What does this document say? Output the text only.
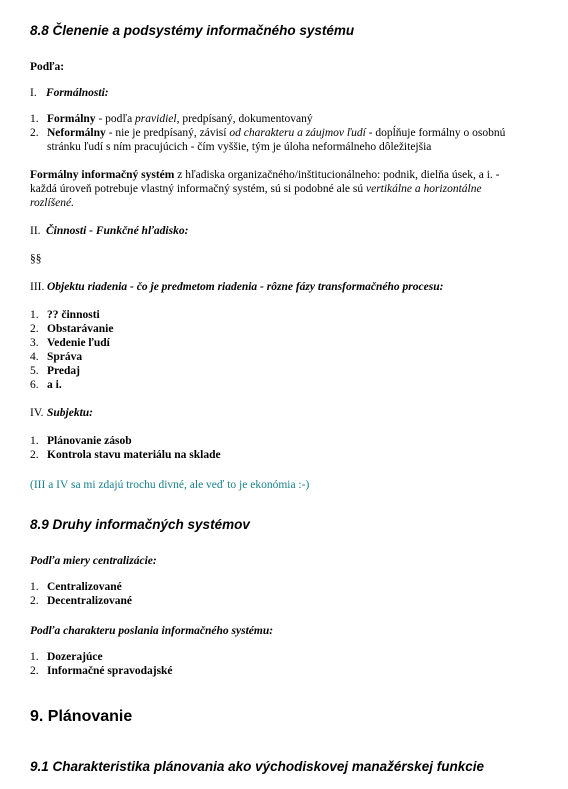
8.8 Členenie a podsystémy informačného systému
Podľa:
I. Formálnosti:
1. Formálny - podľa pravidiel, predpísaný, dokumentovaný
2. Neformálny - nie je predpísaný, závisí od charakteru a záujmov ľudí - dopĺňuje formálny o osobnú
stránku ľudí s ním pracujúcich - čím vyššie, tým je úloha neformálneho dôležitejšia
Formálny informačný systém z hľadiska organizačného/inštitucionálneho: podnik, dielňa úsek, a i. -
každá úroveň potrebuje vlastný informačný systém, sú si podobné ale sú vertikálne a horizontálne
rozlíšené.
II. Činnosti - Funkčné hľadisko:
§§
III. Objektu riadenia - čo je predmetom riadenia - rôzne fázy transformačného procesu:
1. ?? činnosti
2. Obstarávanie
3. Vedenie ľudí
4. Správa
5. Predaj
6. a i.
IV. Subjektu:
1. Plánovanie zásob
2. Kontrola stavu materiálu na sklade
(III a IV sa mi zdajú trochu divné, ale veď to je ekonómia :-)
8.9 Druhy informačných systémov
Podľa miery centralizácie:
1. Centralizované
2. Decentralizované
Podľa charakteru poslania informačného systému:
1. Dozerajúce
2. Informačné spravodajské
9. Plánovanie
9.1 Charakteristika plánovania ako východiskovej manažérskej funkcie
